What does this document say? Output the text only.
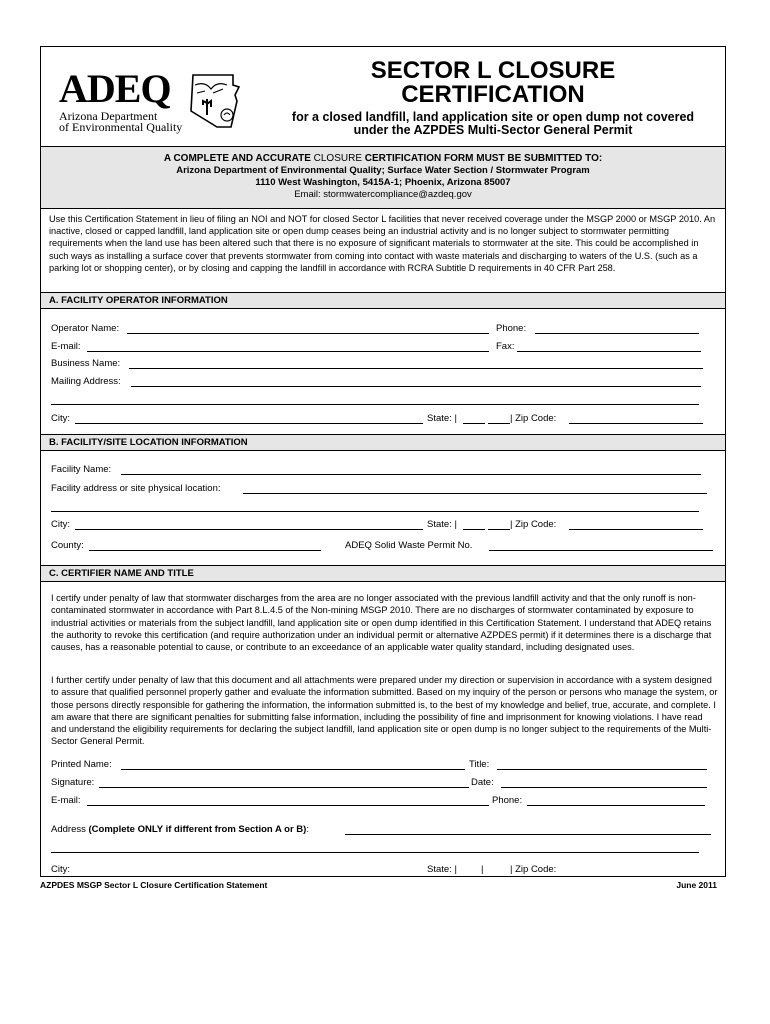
ADEQ
Arizona Department
of Environmental Quality
SECTOR L CLOSURE
CERTIFICATION
for a closed landfill, land application site or open dump not covered
under the AZPDES Multi-Sector General Permit
A COMPLETE AND ACCURATE CLOSURE CERTIFICATION FORM MUST BE SUBMITTED TO:
Arizona Department of Environmental Quality; Surface Water Section / Stormwater Program
1110 West Washington, 5415A-1; Phoenix, Arizona 85007
Email: stormwatercompliance@azdeq.gov
Use this Certification Statement in lieu of filing an NOI and NOT for closed Sector L facilities that never received coverage under the MSGP 2000 or MSGP 2010. An inactive, closed or capped landfill, land application site or open dump ceases being an industrial activity and is no longer subject to stormwater permitting requirements when the land use has been altered such that there is no exposure of significant materials to stormwater at the site. This could be accomplished in such ways as installing a surface cover that prevents stormwater from coming into contact with waste materials and discharging to waters of the U.S. (such as a parking lot or shopping center), or by closing and capping the landfill in accordance with RCRA Subtitle D requirements in 40 CFR Part 258.
A. FACILITY OPERATOR INFORMATION
Operator Name:	Phone:
E-mail:	Fax:
Business Name:
Mailing Address:
City:	State: |	| Zip Code:
B. FACILITY/SITE LOCATION INFORMATION
Facility Name:
Facility address or site physical location:
City:	State: |	| Zip Code:
County:	ADEQ Solid Waste Permit No.
C. CERTIFIER NAME AND TITLE
I certify under penalty of law that stormwater discharges from the area are no longer associated with the previous landfill activity and that the only runoff is non-contaminated stormwater in accordance with Part 8.L.4.5 of the Non-mining MSGP 2010. There are no discharges of stormwater contaminated by exposure to industrial activities or materials from the subject landfill, land application site or open dump identified in this Certification Statement. I understand that ADEQ retains the authority to revoke this certification (and require authorization under an individual permit or alternative AZPDES permit) if it determines there is a discharge that causes, has a reasonable potential to cause, or contribute to an exceedance of an applicable water quality standard, including designated uses.
I further certify under penalty of law that this document and all attachments were prepared under my direction or supervision in accordance with a system designed to assure that qualified personnel properly gather and evaluate the information submitted. Based on my inquiry of the person or persons who manage the system, or those persons directly responsible for gathering the information, the information submitted is, to the best of my knowledge and belief, true, accurate, and complete. I am aware that there are significant penalties for submitting false information, including the possibility of fine and imprisonment for knowing violations. I have read and understand the eligibility requirements for declaring the subject landfill, land application site or open dump is no longer subject to the requirements of the Multi-Sector General Permit.
Printed Name:	Title:
Signature:	Date:
E-mail:	Phone:
Address (Complete ONLY if different from Section A or B):
City:	State: |	|	| Zip Code:
AZPDES MSGP Sector L Closure Certification Statement	June 2011
